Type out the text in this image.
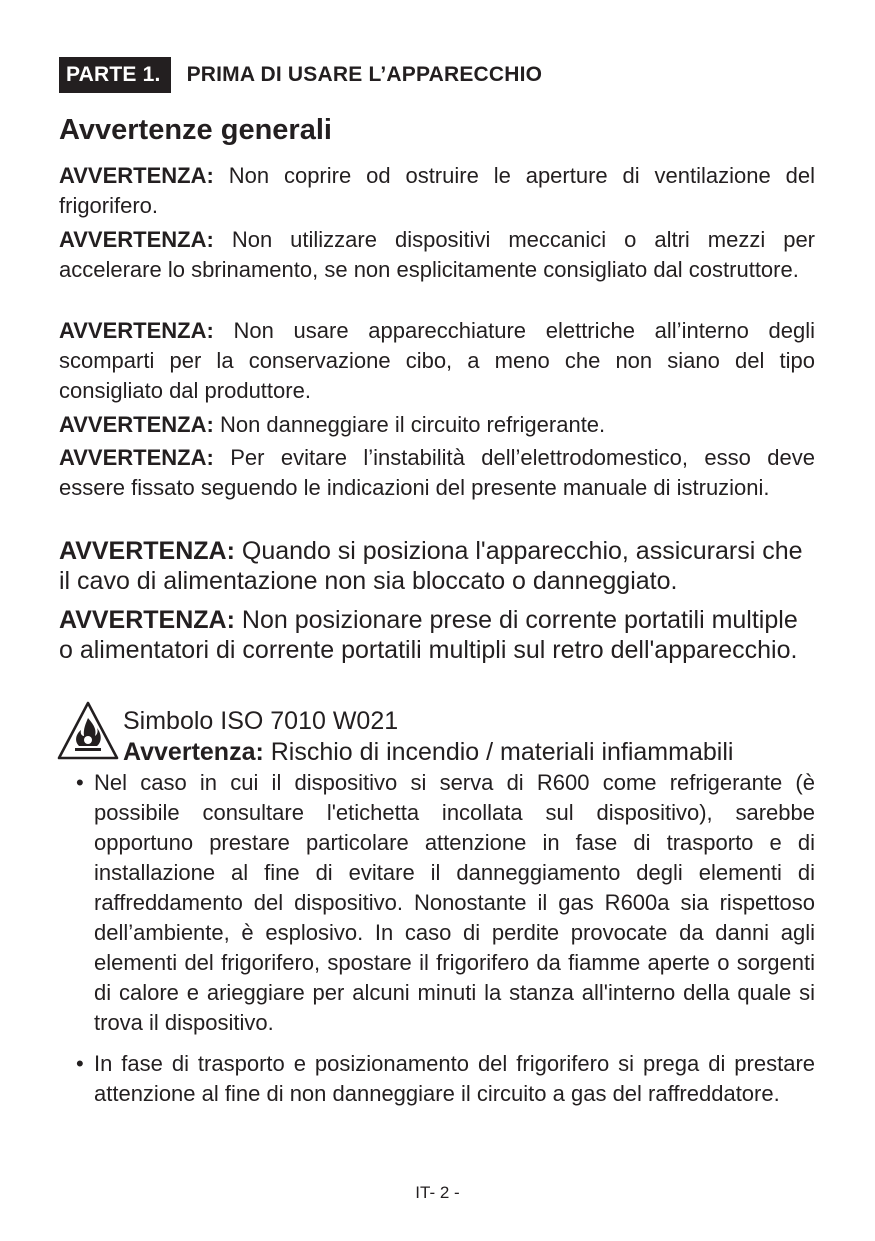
PARTE 1.	PRIMA DI USARE L’APPARECCHIO
Avvertenze generali

AVVERTENZA: Non coprire od ostruire le aperture di ventilazione del frigorifero.

AVVERTENZA: Non utilizzare dispositivi meccanici o altri mezzi per accelerare lo sbrinamento, se non esplicitamente consigliato dal costruttore.

AVVERTENZA: Non usare apparecchiature elettriche all’interno degli scomparti per la conservazione cibo, a meno che non siano del tipo consigliato dal produttore.

AVVERTENZA: Non danneggiare il circuito refrigerante.

AVVERTENZA: Per evitare l’instabilità dell’elettrodomestico, esso deve essere fissato seguendo le indicazioni del presente manuale di istruzioni.

AVVERTENZA: Quando si posiziona l'apparecchio, assicurarsi che il cavo di alimentazione non sia bloccato o danneggiato.

AVVERTENZA: Non posizionare prese di corrente portatili multiple o alimentatori di corrente portatili multipli sul retro dell'apparecchio.

Simbolo ISO 7010 W021
Avvertenza: Rischio di incendio / materiali infiammabili
• Nel caso in cui il dispositivo si serva di R600 come refrigerante (è possibile consultare l'etichetta incollata sul dispositivo), sarebbe opportuno prestare particolare attenzione in fase di trasporto e di installazione al fine di evitare il danneggiamento degli elementi di raffreddamento del dispositivo. Nonostante il gas R600a sia rispettoso dell’ambiente, è esplosivo. In caso di perdite provocate da danni agli elementi del frigorifero, spostare il frigorifero da fiamme aperte o sorgenti di calore e arieggiare per alcuni minuti la stanza all'interno della quale si trova il dispositivo.
• In fase di trasporto e posizionamento del frigorifero si prega di prestare attenzione al fine di non danneggiare il circuito a gas del raffreddatore.
IT- 2 -
